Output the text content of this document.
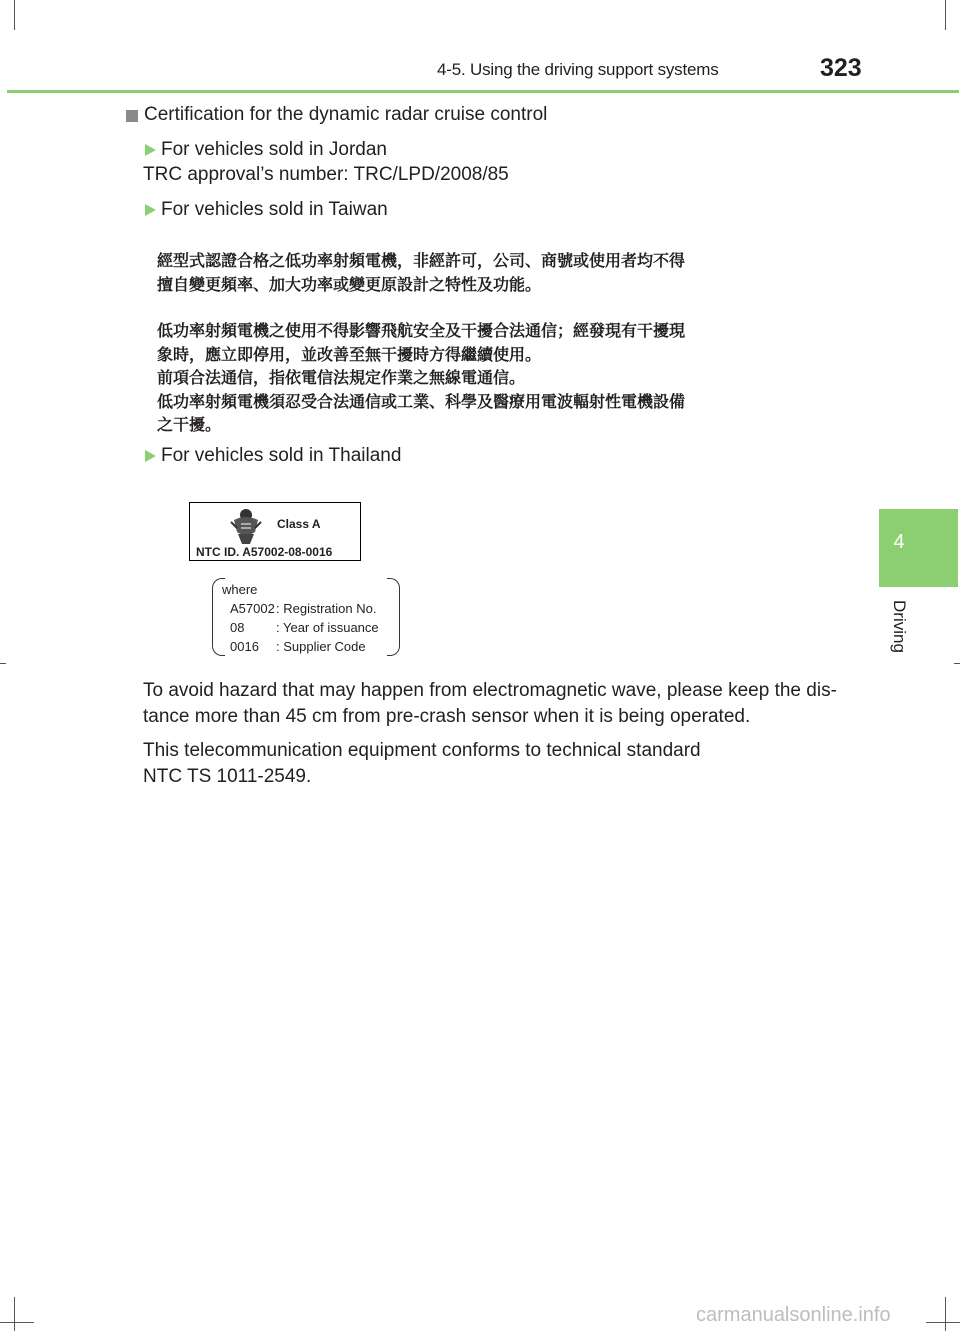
4-5. Using the driving support systems	323
4
Driving
Certification for the dynamic radar cruise control
For vehicles sold in Jordan
TRC approval’s number: TRC/LPD/2008/85
For vehicles sold in Taiwan
經型式認證合格之低功率射頻電機，非經許可，公司、商號或使用者均不得
擅自變更頻率、加大功率或變更原設計之特性及功能。
低功率射頻電機之使用不得影響飛航安全及干擾合法通信；經發現有干擾現
象時，應立即停用，並改善至無干擾時方得繼續使用。
前項合法通信，指依電信法規定作業之無線電通信。
低功率射頻電機須忍受合法通信或工業、科學及醫療用電波輻射性電機設備
之干擾。
For vehicles sold in Thailand
Class A
NTC ID. A57002-08-0016
where
A57002 : Registration No.
08 : Year of issuance
0016 : Supplier Code
To avoid hazard that may happen from electromagnetic wave, please keep the dis-
tance more than 45 cm from pre-crash sensor when it is being operated.
This telecommunication equipment conforms to technical standard
NTC TS 1011-2549.
carmanualsonline.info
